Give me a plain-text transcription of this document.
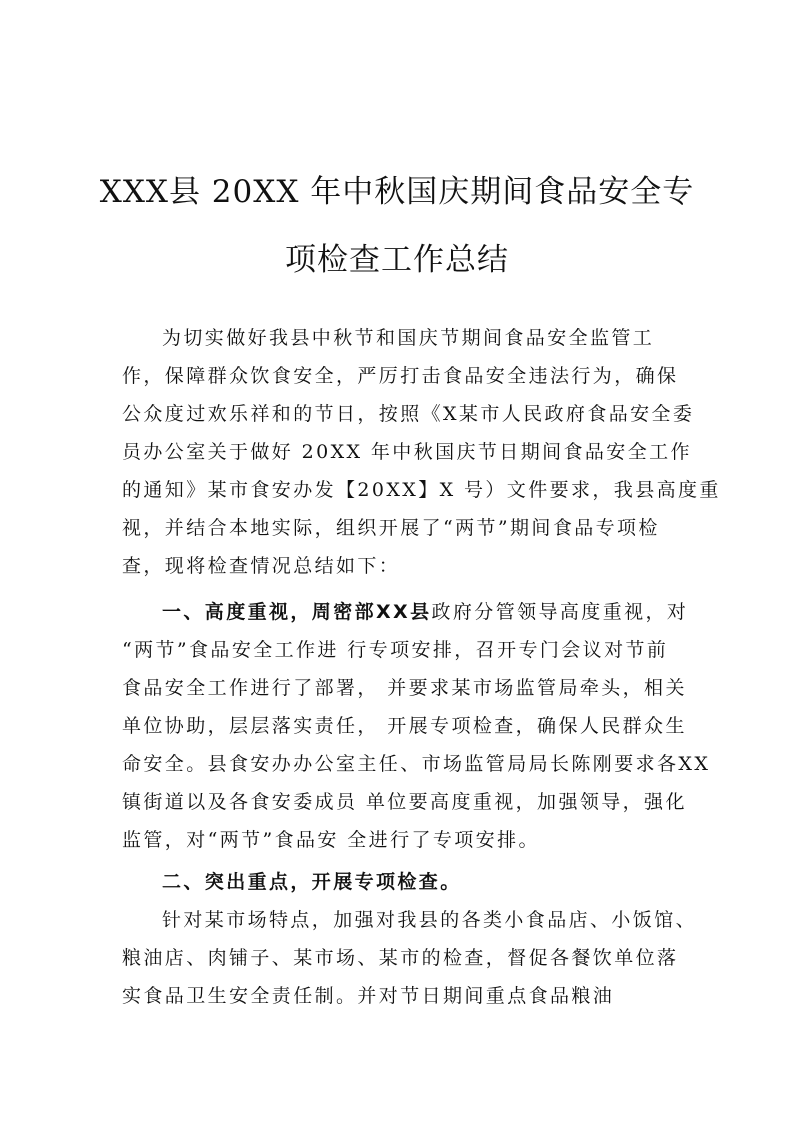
XXX县 20XX 年中秋国庆期间食品安全专
项检查工作总结
为切实做好我县中秋节和国庆节期间食品安全监管工
作，保障群众饮食安全，严厉打击食品安全违法行为，确保
公众度过欢乐祥和的节日，按照《X某市人民政府食品安全委
员办公室关于做好 20XX 年中秋国庆节日期间食品安全工作
的通知》某市食安办发【20XX】X 号）文件要求，我县高度重
视，并结合本地实际，组织开展了“两节”期间食品专项检
查，现将检查情况总结如下：
一、高度重视，周密部XX县政府分管领导高度重视，对
“两节”食品安全工作进 行专项安排，召开专门会议对节前
食品安全工作进行了部署， 并要求某市场监管局牵头，相关
单位协助，层层落实责任， 开展专项检查，确保人民群众生
命安全。县食安办办公室主任、市场监管局局长陈刚要求各XX
镇街道以及各食安委成员 单位要高度重视，加强领导，强化
监管，对“两节”食品安 全进行了专项安排。
二、突出重点，开展专项检查。
针对某市场特点，加强对我县的各类小食品店、小饭馆、
粮油店、肉铺子、某市场、某市的检查，督促各餐饮单位落
实食品卫生安全责任制。并对节日期间重点食品粮油
